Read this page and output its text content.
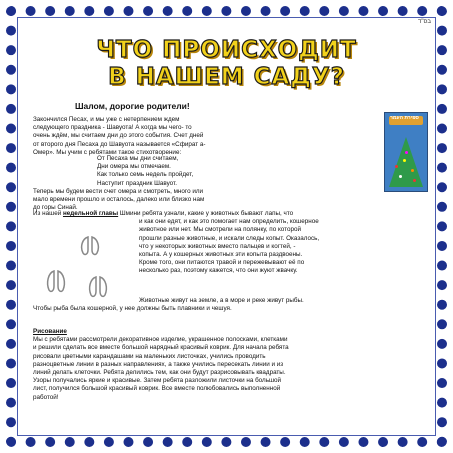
בס"ד
ЧТО ПРОИСХОДИТ
В НАШЕМ САДУ?
Шалом, дорогие родители!
Закончился Песах, и мы уже с нетерпением ждем
следующего праздника - Шавуота! А когда мы чего- то
очень ждём, мы считаем дни до этого события. Счет дней
от второго дня Песаха до Шавуота называется «Сфират а-
Омер». Мы учим с ребятами такое стихотворение:
От Песаха мы дни считаем,
Дни омера мы отмечаем.
Как только семь недель пройдет,
Наступит праздник Шавуот.
Теперь мы будем вести счет омера и смотреть, много или
мало времени прошло и осталось, далеко или близко нам
до горы Синай.
Из нашей недельной главы Шмини ребята узнали, какие у животных бывают лапы, что
и как они едят, и как это помогает нам определить, кошерное
животное или нет. Мы смотрели на полянку, по которой
прошли разные животные, и искали следы копыт. Оказалось,
что у некоторых животных вместо пальцев и когтей, -
копыта. А у кошерных животных эти копыта раздвоены.
Кроме того, они питаются травой и пережевывают её по
несколько раз, поэтому кажется, что они жуют жвачку.
Животные живут на земле, а в море и реке живут рыбы.
Чтобы рыба была кошерной, у нее должны быть плавники и чешуя.
Рисование
Мы с ребятами рассмотрели декоративное изделие, украшенное полосками, клетками
и решили сделать все вместе большой нарядный красивый коврик. Для начала ребята
рисовали цветными карандашами на маленьких листочках, учились проводить
разноцветные линии в разных направлениях, а также учились пересекать линии и из
линий делать клеточки. Ребята делились тем, как они будут разрисовывать квадраты.
Узоры получались яркие и красивые. Затем ребята разложили листочки на большой
лист, получился большой красивый коврик. Все вместе полюбовались выполненной
работой!
ספירת העמר
